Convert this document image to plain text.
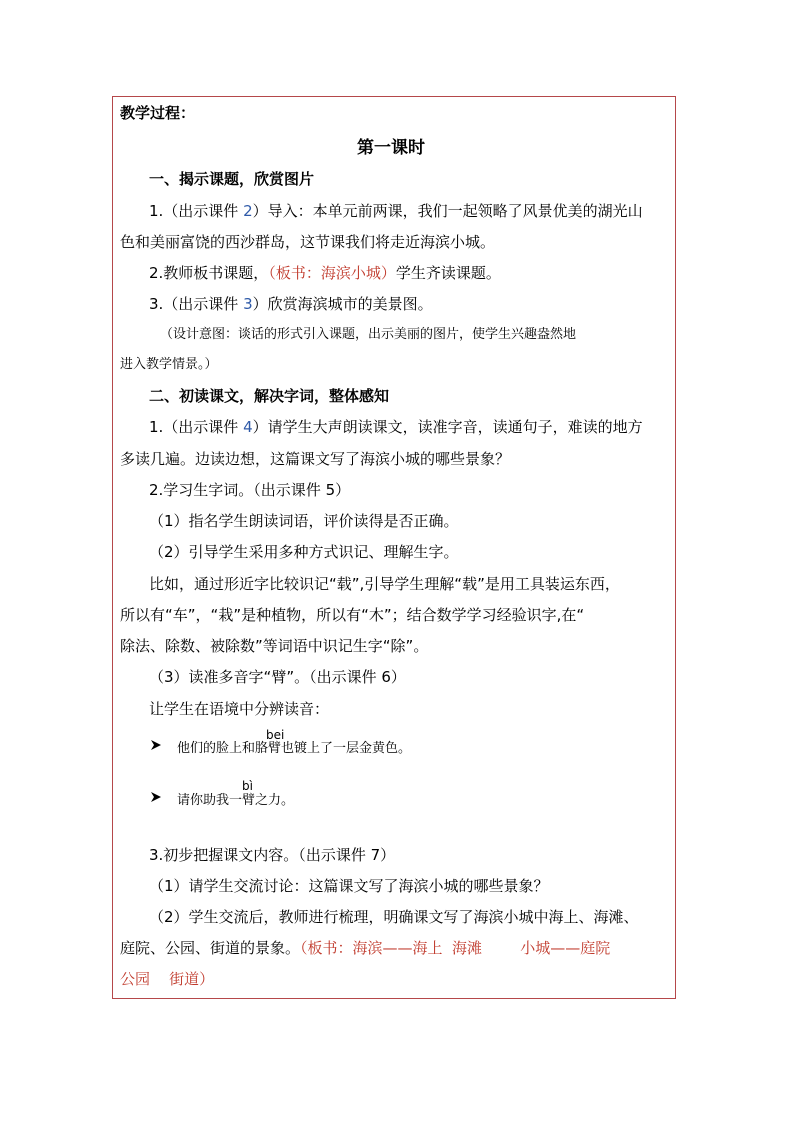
教学过程：
第一课时
一、揭示课题，欣赏图片
1.（出示课件 2）导入：本单元前两课，我们一起领略了风景优美的湖光山
色和美丽富饶的西沙群岛，这节课我们将走近海滨小城。
2.教师板书课题，（板书：海滨小城）学生齐读课题。
3.（出示课件 3）欣赏海滨城市的美景图。
（设计意图：谈话的形式引入课题，出示美丽的图片，使学生兴趣盎然地
进入教学情景。）
二、初读课文，解决字词，整体感知
1.（出示课件 4）请学生大声朗读课文，读准字音，读通句子，难读的地方
多读几遍。边读边想，这篇课文写了海滨小城的哪些景象？
2.学习生字词。（出示课件 5）
（1）指名学生朗读词语，评价读得是否正确。
（2）引导学生采用多种方式识记、理解生字。
比如，通过形近字比较识记“载”,引导学生理解“载”是用工具装运东西，
所以有“车”，“栽”是种植物，所以有“木”；结合数学学习经验识字,在“
除法、除数、被除数”等词语中识记生字“除”。
（3）读准多音字“臂”。（出示课件 6）
让学生在语境中分辨读音：
他们的脸上和胳
bei
臂也镀上了一层金黄色。
请你助我一
bì
臂之力。
3.初步把握课文内容。（出示课件 7）
（1）请学生交流讨论：这篇课文写了海滨小城的哪些景象？
（2）学生交流后，教师进行梳理，明确课文写了海滨小城中海上、海滩、
庭院、公园、街道的景象。（板书：海滨——海上  海滩        小城——庭院
公园    街道）
